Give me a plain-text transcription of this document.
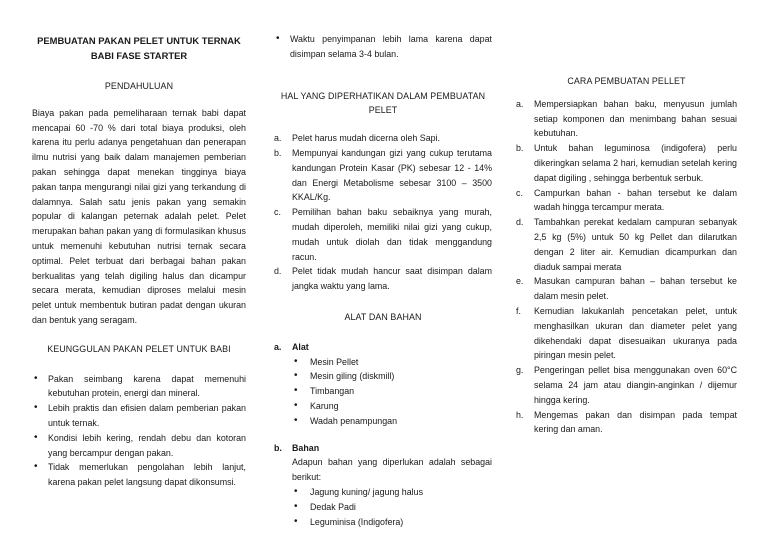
PEMBUATAN PAKAN PELET UNTUK TERNAK BABI FASE STARTER
PENDAHULUAN

Biaya pakan pada pemeliharaan ternak babi dapat mencapai 60 -70 % dari total biaya produksi, oleh karena itu perlu adanya pengetahuan dan penerapan ilmu nutrisi yang baik dalam manajemen pemberian pakan sehingga dapat menekan tingginya biaya pakan tanpa mengurangi nilai gizi yang terkandung di dalamnya. Salah satu jenis pakan yang semakin popular di kalangan peternak adalah pelet. Pelet merupakan bahan pakan yang di formulasikan khusus untuk memenuhi kebutuhan nutrisi ternak secara optimal. Pelet terbuat dari berbagai bahan pakan berkualitas yang telah digiling halus dan dicampur secara merata, kemudian diproses melalui mesin pelet untuk membentuk butiran padat dengan ukuran dan bentuk yang seragam.

KEUNGGULAN PAKAN PELET UNTUK BABI
• Pakan seimbang karena dapat memenuhi kebutuhan protein, energi dan mineral.
• Lebih praktis dan efisien dalam pemberian pakan untuk ternak.
• Kondisi lebih kering, rendah debu dan kotoran yang bercampur dengan pakan.
• Tidak memerlukan pengolahan lebih lanjut, karena pakan pelet langsung dapat dikonsumsi.
• Waktu penyimpanan lebih lama karena dapat disimpan selama 3-4 bulan.
HAL YANG DIPERHATIKAN DALAM PEMBUATAN PELET
a. Pelet harus mudah dicerna oleh Sapi.
b. Mempunyai kandungan gizi yang cukup terutama kandungan Protein Kasar (PK) sebesar 12 - 14% dan Energi Metabolisme sebesar 3100 – 3500 KKAL/Kg.
c. Pemilihan bahan baku sebaiknya yang murah, mudah diperoleh, memiliki nilai gizi yang cukup, mudah untuk diolah dan tidak menggandung racun.
d. Pelet tidak mudah hancur saat disimpan dalam jangka waktu yang lama.
ALAT DAN BAHAN
a. Alat
• Mesin Pellet
• Mesin giling (diskmill)
• Timbangan
• Karung
• Wadah penampungan
b. Bahan
Adapun bahan yang diperlukan adalah sebagai berikut:
• Jagung kuning/ jagung halus
• Dedak Padi
• Leguminisa (Indigofera)
CARA PEMBUATAN PELLET
a. Mempersiapkan bahan baku, menyusun jumlah setiap komponen dan menimbang bahan sesuai kebutuhan.
b. Untuk bahan leguminosa (indigofera) perlu dikeringkan selama 2 hari, kemudian setelah kering dapat digiling , sehingga berbentuk serbuk.
c. Campurkan bahan - bahan tersebut ke dalam wadah hingga tercampur merata.
d. Tambahkan perekat kedalam campuran sebanyak 2,5 kg (5%) untuk 50 kg Pellet dan dilarutkan dengan 2 liter air. Kemudian dicampurkan dan diaduk sampai merata
e. Masukan campuran bahan – bahan tersebut ke dalam mesin pelet.
f. Kemudian lakukanlah pencetakan pelet, untuk menghasilkan ukuran dan diameter pelet yang dikehendaki dapat disesuaikan ukuranya pada piringan mesin pelet.
g. Pengeringan pellet bisa menggunakan oven 60°C selama 24 jam atau diangin-anginkan / dijemur hingga kering.
h. Mengemas pakan dan disimpan pada tempat kering dan aman.
